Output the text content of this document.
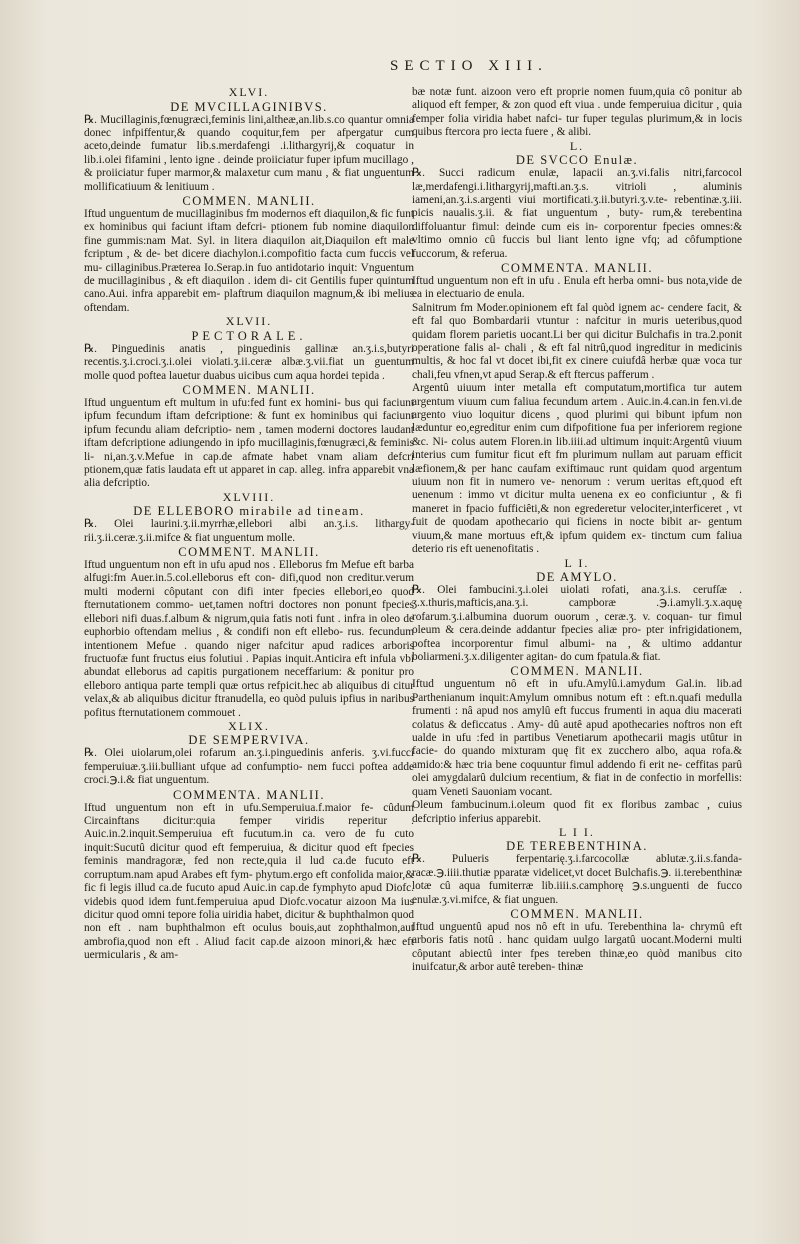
SECTIO XIII.

XLVI.

DE MVCILLAGINIBVS.

℞. Mucillaginis,fœnugræci,feminis lini,altheæ,an.lib.s.co quantur omnia donec infpiffentur,& quando coquitur,fem per afpergatur cum aceto,deinde fumatur lib.s.merdafengi .i.lithargyrij,& coquatur in lib.i.olei fifamini , lento igne . deinde proiiciatur fuper ipfum mucillago , & proiiciatur fuper marmor,& malaxetur cum manu , & fiat unguentum mollificatiuum & lenitiuum .

COMMEN. MANLII.

Iftud unguentum de mucillaginibus fm modernos eft diaquilon,& fic funt ex hominibus qui faciunt iftam defcri- ptionem fub nomine diaquilon fine gummis:nam Mat. Syl. in litera diaquilon ait,Diaquilon eft male fcriptum , & de- bet dicere diachylon.i.compofitio facta cum fuccis vel mu- cillaginibus.Præterea Io.Serap.in fuo antidotario inquit: Vnguentum de mucillaginibus , & eft diaquilon . idem di- cit Gentilis fuper quintum cano.Aui. infra apparebit em- plaftrum diaquilon magnum,& ibi melius oftendam.

XLVII.

PECTORALE.

℞. Pinguedinis anatis , pinguedinis gallinæ an.ʒ.i.s,butyri recentis.ʒ.i.croci.ʒ.i.olei violati.ʒ.ii.ceræ albæ.ʒ.vii.fiat un guentum molle quod poftea lauetur duabus uicibus cum aqua hordei tepida .

COMMEN. MANLII.

Iftud unguentum eft multum in ufu:fed funt ex homini- bus qui faciunt ipfum fecundum iftam defcriptione: & funt ex hominibus qui faciunt ipfum fecundu aliam defcriptio- nem , tamen moderni doctores laudant iftam defcriptione adiungendo in ipfo mucillaginis,fœnugræci,& feminis li- ni,an.ʒ.v.Mefue in cap.de afmate habet vnam aliam defcri ptionem,quæ fatis laudata eft ut apparet in cap. alleg. infra apparebit vna alia defcriptio.

XLVIII.

DE ELLEBORO mirabile ad tineam.

℞. Olei laurini.ʒ.ii.myrrhæ,ellebori albi an.ʒ.i.s. lithargy- rii.ʒ.ii.ceræ.ʒ.ii.mifce & fiat unguentum molle.

COMMENT. MANLII.

Iftud unguentum non eft in ufu apud nos . Elleborus fm Mefue eft barba alfugi:fm Auer.in.5.col.elleborus eft con- difi,quod non creditur.verum multi moderni côputant con difi inter fpecies ellebori,eo quod fternutationem commo- uet,tamen noftri doctores non ponunt fpecies ellebori nifi duas.f.album & nigrum,quia fatis noti funt . infra in oleo de euphorbio oftendam melius , & condifi non eft ellebo- rus. fecundum intentionem Mefue . quando niger nafcitur apud radices arboris fructuofæ funt fructus eius folutiui . Papias inquit.Anticira eft infula vbi abundat elleborus ad capitis purgationem neceffarium: & ponitur pro elleboro antiqua parte templi quæ ortus refpicit.hec ab aliquibus di citur velax,& ab aliquibus dicitur ftranudella, eo quòd puluis ipfius in naribus pofitus fternutationem commouet .

XLIX.

DE SEMPERVIVA.

℞. Olei uiolarum,olei rofarum an.ʒ.i.pinguedinis anferis. ʒ.vi.fucci femperuiuæ.ʒ.iii.bulliant ufque ad confumptio- nem fucci poftea adde croci.℈.i.& fiat unguentum.

COMMENTA. MANLII.

Iftud unguentum non eft in ufu.Semperuiua.f.maior fe- cûdum Circainftans dicitur:quia femper viridis reperitur . Auic.in.2.inquit.Semperuiua eft fucutum.in ca. vero de fu cuto inquit:Sucutû dicitur quod eft femperuiua, & dicitur quod eft fpecies feminis mandragoræ, fed non recte,quia il lud ca.de fucuto eft corruptum.nam apud Arabes eft fym- phytum.ergo eft confolida maior,& fic fi legis illud ca.de fucuto apud Auic.in cap.de fymphyto apud Diofc. videbis quod idem funt.femperuiua apud Diofc.vocatur aizoon Ma ius dicitur quod omni tepore folia uiridia habet, dicitur & buphthalmon quod non eft . nam buphthalmon eft oculus bouis,aut zophthalmon,aut ambrofia,quod non eft . Aliud facit cap.de aizoon minori,& hæc eft uermicularis , & am-

bæ notæ funt. aizoon vero eft proprie nomen fuum,quia cô ponitur ab aliquod eft femper, & zon quod eft viua . unde femperuiua dicitur , quia femper folia viridia habet nafci- tur fuper tegulas plurimum,& in locis quibus ftercora pro iecta fuere , & alibi.

L.

DE SVCCO Enulæ.

℞. Succi radicum enulæ, lapacii an.ʒ.vi.falis nitri,farcocol læ,merdafengi.i.lithargyrij,mafti.an.ʒ.s. vitrioli , aluminis iameni,an.ʒ.i.s.argenti viui mortificati.ʒ.ii.butyri.ʒ.v.te- rebentinæ.ʒ.iii. picis naualis.ʒ.ii. & fiat unguentum , buty- rum,& terebentina diffoluantur fimul: deinde cum eis in- corporentur fpecies omnes:& vltimo omnio cû fuccis bul liant lento igne vfq; ad côfumptione fuccorum, & referua.

COMMENTA. MANLII.

Iftud unguentum non eft in ufu . Enula eft herba omni- bus nota,vide de ea in electuario de enula.

Salnitrum fm Moder.opinionem eft fal quòd ignem ac- cendere facit, & eft fal quo Bombardarii vtuntur : nafcitur in muris ueteribus,quod quidam florem parietis uocant.Li ber qui dicitur Bulchafis in tra.2.ponit operatione falis al- chali , & eft fal nitrû,quod ingreditur in medicinis multis, & hoc fal vt docet ibi,fit ex cinere cuiufdâ herbæ quæ voca tur chali,feu vfnen,vt apud Serap.& eft ftercus pafferum .

Argentû uiuum inter metalla eft computatum,mortifica tur autem argentum viuum cum faliua fecundum artem . Auic.in.4.can.in fen.vi.de argento viuo loquitur dicens , quod plurimi qui bibunt ipfum non læduntur eo,egreditur enim cum difpofitione fua per inferiorem regione &c. Ni- colus autem Floren.in lib.iiii.ad ultimum inquit:Argentû viuum interius cum fumitur ficut eft fm plurimum nullam aut paruam efficit læfionem,& per hanc caufam exiftimauc runt quidam quod argentum uiuum non fit in numero ve- nenorum : verum ueritas eft,quod eft uenenum : immo vt dicitur multa uenena ex eo conficiuntur , & fi maneret in fpacio fufficiêti,& non egrederetur velociter,interficeret , vt fuit de quodam apothecario qui ficiens in nocte bibit ar- gentum viuum,& mane mortuus eft,& ipfum quidem ex- tinctum cum faliua deterio ris eft uenenofitatis .

L I.

DE AMYLO.

℞. Olei fambucini.ʒ.i.olei uiolati rofati, ana.ʒ.i.s. cerufſæ . ʒ.x.thuris,mafticis,ana.ʒ.i. campboræ .℈.i.amyli.ʒ.x.aquę rofarum.ʒ.i.albumina duorum ouorum , ceræ.ʒ. v. coquan- tur fimul oleum & cera.deinde addantur fpecies aliæ pro- pter infrigidationem, poftea incorporentur fimul albumi- na , & ultimo addantur boliarmeni.ʒ.x.diligenter agitan- do cum fpatula.& fiat.

COMMEN. MANLII.

Iftud unguentum nô eft in ufu.Amylû.i.amydum Gal.in. lib.ad Parthenianum inquit:Amylum omnibus notum eft : eft.n.quafi medulla frumenti : nâ apud nos amylû eft fuccus frumenti in aqua diu macerati colatus & deficcatus . Amy- dû autê apud apothecaries noftros non eft ualde in ufu :fed in partibus Venetiarum apothecarii magis utûtur in facie- do quando mixturam quę fit ex zucchero albo, aqua rofa.& amido:& hæc tria bene coquuntur fimul addendo fi erit ne- ceffitas parû olei amygdalarû dulcium recentium, & fiat in de confectio in morfellis: quam Veneti Sauoniam vocant.

Oleum fambucinum.i.oleum quod fit ex floribus zambac , cuius defcriptio inferius apparebit.

L I I.

DE TEREBENTHINA.

℞. Pulueris ferpentarię.ʒ.i.farcocollæ ablutæ.ʒ.ii.s.fanda- racæ.℈.iiii.thutiæ pparatæ videlicet,vt docet Bulchafis.℈. ii.terebenthinæ lotæ cû aqua fumiterræ lib.iiii.s.camphorę ℈.s.unguenti de fucco enulæ.ʒ.vi.mifce, & fiat unguen.

COMMEN. MANLII.

Iftud unguentû apud nos nô eft in ufu. Terebenthina la- chrymû eft arboris fatis notû . hanc quidam uulgo largatû uocant.Moderni multi côputant abiectû inter fpes tereben thinæ,eo quòd manibus cito inuifcatur,& arbor autê tereben- thinæ
